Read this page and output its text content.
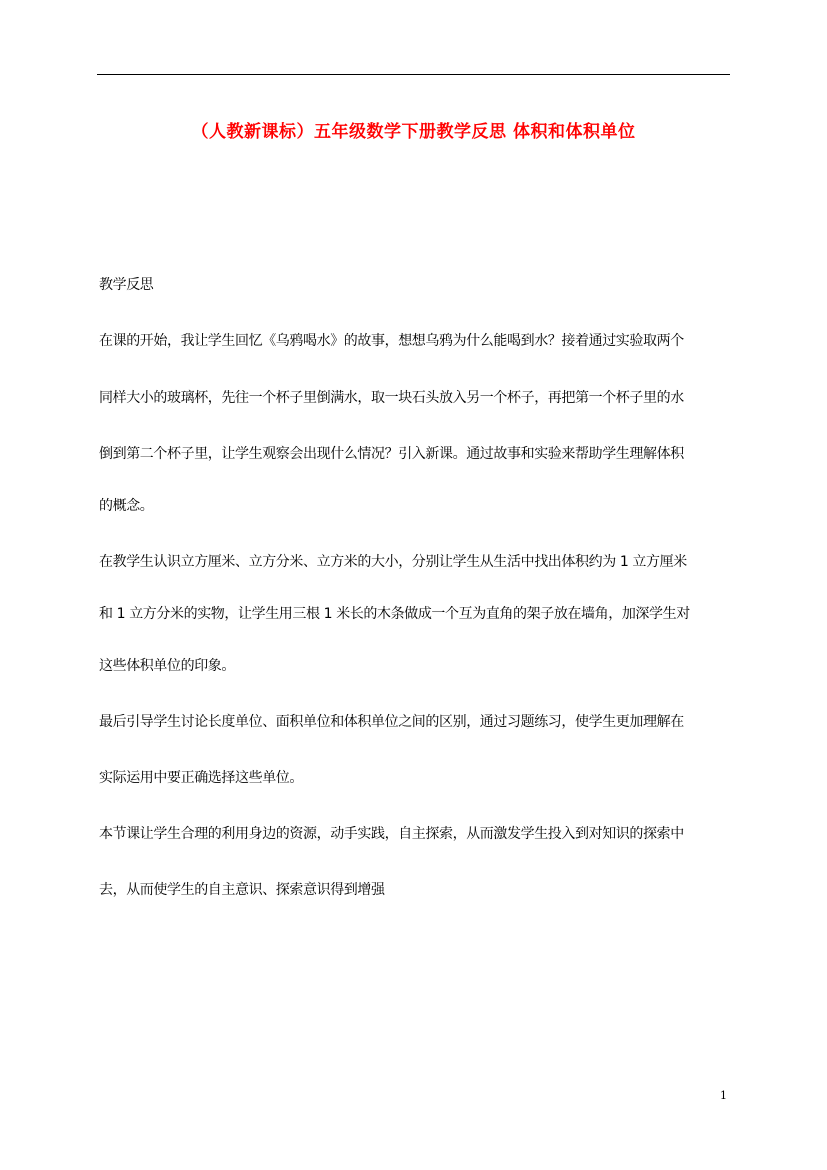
（人教新课标）五年级数学下册教学反思 体积和体积单位
教学反思
在课的开始，我让学生回忆《乌鸦喝水》的故事，想想乌鸦为什么能喝到水？接着通过实验取两个
同样大小的玻璃杯，先往一个杯子里倒满水，取一块石头放入另一个杯子，再把第一个杯子里的水
倒到第二个杯子里，让学生观察会出现什么情况？引入新课。通过故事和实验来帮助学生理解体积
的概念。
在教学生认识立方厘米、立方分米、立方米的大小，分别让学生从生活中找出体积约为 1 立方厘米
和 1 立方分米的实物，让学生用三根 1 米长的木条做成一个互为直角的架子放在墙角，加深学生对
这些体积单位的印象。
最后引导学生讨论长度单位、面积单位和体积单位之间的区别，通过习题练习，使学生更加理解在
实际运用中要正确选择这些单位。
本节课让学生合理的利用身边的资源，动手实践，自主探索，从而激发学生投入到对知识的探索中
去，从而使学生的自主意识、探索意识得到增强
1
